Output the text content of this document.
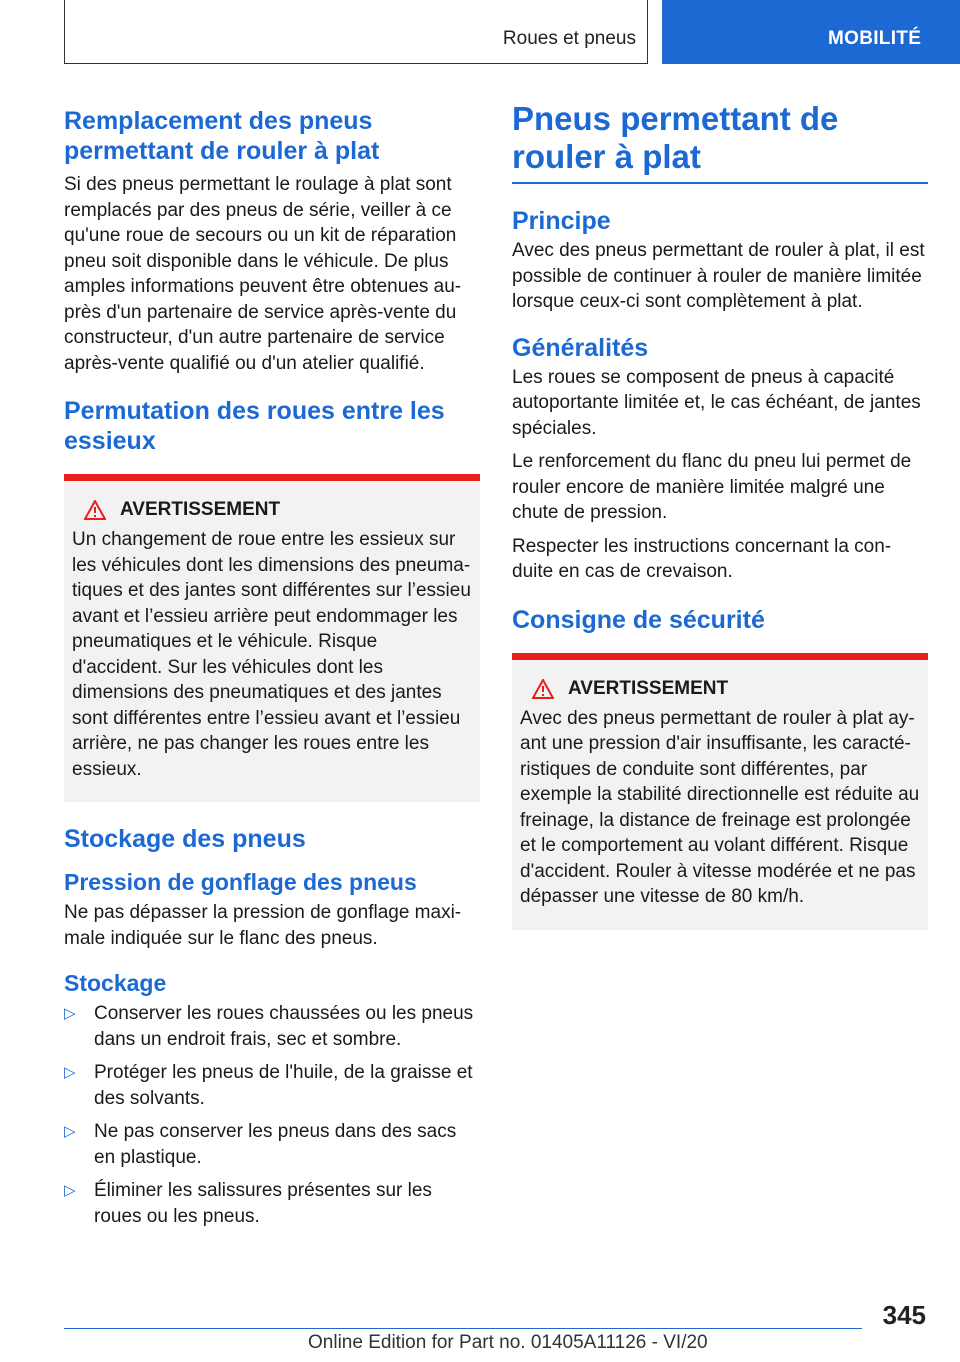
Roues et pneus	MOBILITÉ
Remplacement des pneus permettant de rouler à plat

Si des pneus permettant le roulage à plat sont remplacés par des pneus de série, veiller à ce qu'une roue de secours ou un kit de réparation pneu soit disponible dans le véhicule. De plus amples informations peuvent être obtenues au-près d'un partenaire de service après-vente du constructeur, d'un autre partenaire de service après-vente qualifié ou d'un atelier qualifié.

Permutation des roues entre les essieux
AVERTISSEMENT

Un changement de roue entre les essieux sur les véhicules dont les dimensions des pneuma-tiques et des jantes sont différentes sur l’essieu avant et l’essieu arrière peut endommager les pneumatiques et le véhicule. Risque d'accident. Sur les véhicules dont les dimensions des pneumatiques et des jantes sont différentes entre l’essieu avant et l’essieu arrière, ne pas changer les roues entre les essieux.

Stockage des pneus
Pression de gonflage des pneus

Ne pas dépasser la pression de gonflage maxi-male indiquée sur le flanc des pneus.

Stockage
▷ Conserver les roues chaussées ou les pneus dans un endroit frais, sec et sombre.
▷ Protéger les pneus de l'huile, de la graisse et des solvants.
▷ Ne pas conserver les pneus dans des sacs en plastique.
▷ Éliminer les salissures présentes sur les roues ou les pneus.
Pneus permettant de rouler à plat
Principe

Avec des pneus permettant de rouler à plat, il est possible de continuer à rouler de manière limitée lorsque ceux-ci sont complètement à plat.

Généralités

Les roues se composent de pneus à capacité autoportante limitée et, le cas échéant, de jantes spéciales.

Le renforcement du flanc du pneu lui permet de rouler encore de manière limitée malgré une chute de pression.

Respecter les instructions concernant la con-duite en cas de crevaison.

Consigne de sécurité
AVERTISSEMENT

Avec des pneus permettant de rouler à plat ay-ant une pression d'air insuffisante, les caracté-ristiques de conduite sont différentes, par exemple la stabilité directionnelle est réduite au freinage, la distance de freinage est prolongée et le comportement au volant différent. Risque d'accident. Rouler à vitesse modérée et ne pas dépasser une vitesse de 80 km/h.

345
Online Edition for Part no. 01405A11126 - VI/20
